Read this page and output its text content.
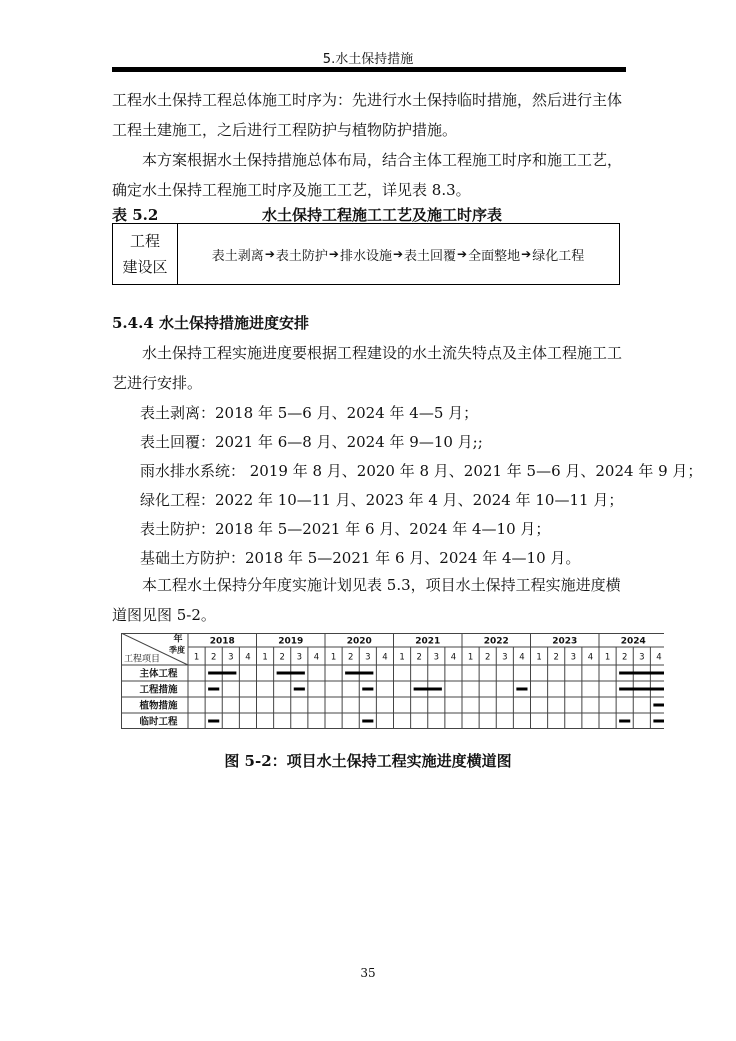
5.水土保持措施

工程水土保持工程总体施工时序为：先进行水土保持临时措施，然后进行主体工程土建施工，之后进行工程防护与植物防护措施。

本方案根据水土保持措施总体布局，结合主体工程施工时序和施工工艺，确定水土保持工程施工时序及施工工艺，详见表 8.3。

表 5.2	水土保持工程施工工艺及施工时序表
工程
建设区
表土剥离 ➔ 表土防护 ➔ 排水设施 ➔ 表土回覆 ➔ 全面整地 ➔ 绿化工程
5.4.4 水土保持措施进度安排

水土保持工程实施进度要根据工程建设的水土流失特点及主体工程施工工艺进行安排。

表土剥离：2018 年 5—6 月、2024 年 4—5 月；
表土回覆：2021 年 6—8 月、2024 年 9—10 月;;
雨水排水系统： 2019 年 8 月、2020 年 8 月、2021 年 5—6 月、2024 年 9 月；
绿化工程：2022 年 10—11 月、2023 年 4 月、2024 年 10—11 月；
表土防护：2018 年 5—2021 年 6 月、2024 年 4—10 月；
基础土方防护：2018 年 5—2021 年 6 月、2024 年 4—10 月。

本工程水土保持分年度实施计划见表 5.3，项目水土保持工程实施进度横道图见图 5-2。

年
季度
工程项目
2018
1 2 3 4
2019
1 2 3 4
2020
1 2 3 4
2021
1 2 3 4
2022
1 2 3 4
2023
1 2 3 4
2024
1 2 3 4
主体工程
工程措施
植物措施
临时工程
图 5-2：项目水土保持工程实施进度横道图
35
